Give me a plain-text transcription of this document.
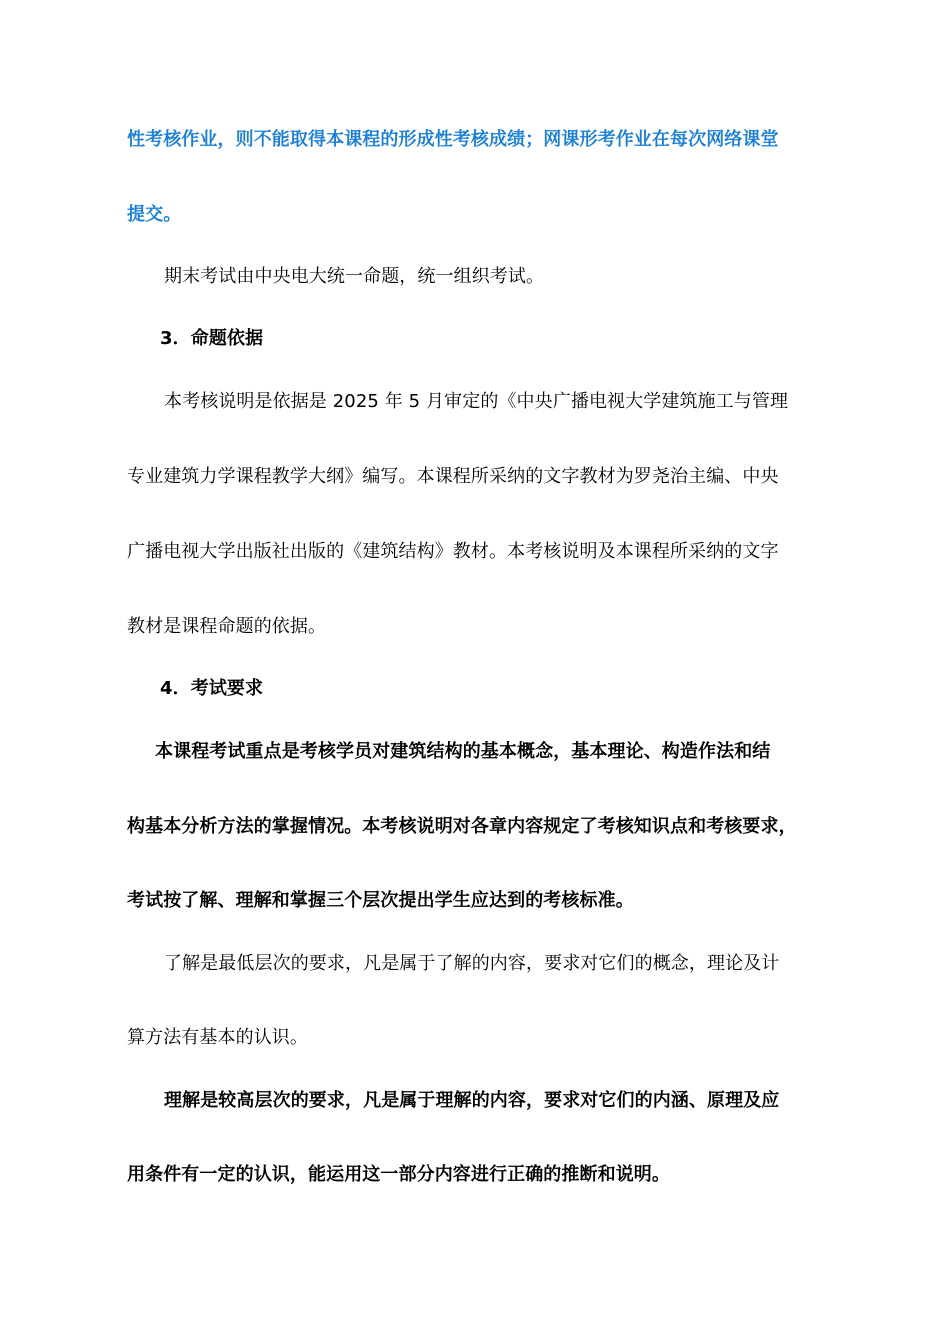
性考核作业，则不能取得本课程的形成性考核成绩；网课形考作业在每次网络课堂
提交。
期末考试由中央电大统一命题，统一组织考试。
3．命题依据
本考核说明是依据是 2025 年 5 月审定的《中央广播电视大学建筑施工与管理
专业建筑力学课程教学大纲》编写。本课程所采纳的文字教材为罗尧治主编、中央
广播电视大学出版社出版的《建筑结构》教材。本考核说明及本课程所采纳的文字
教材是课程命题的依据。
4．考试要求
本课程考试重点是考核学员对建筑结构的基本概念，基本理论、构造作法和结
构基本分析方法的掌握情况。本考核说明对各章内容规定了考核知识点和考核要求，
考试按了解、理解和掌握三个层次提出学生应达到的考核标准。
了解是最低层次的要求，凡是属于了解的内容，要求对它们的概念，理论及计
算方法有基本的认识。
理解是较高层次的要求，凡是属于理解的内容，要求对它们的内涵、原理及应
用条件有一定的认识，能运用这一部分内容进行正确的推断和说明。
